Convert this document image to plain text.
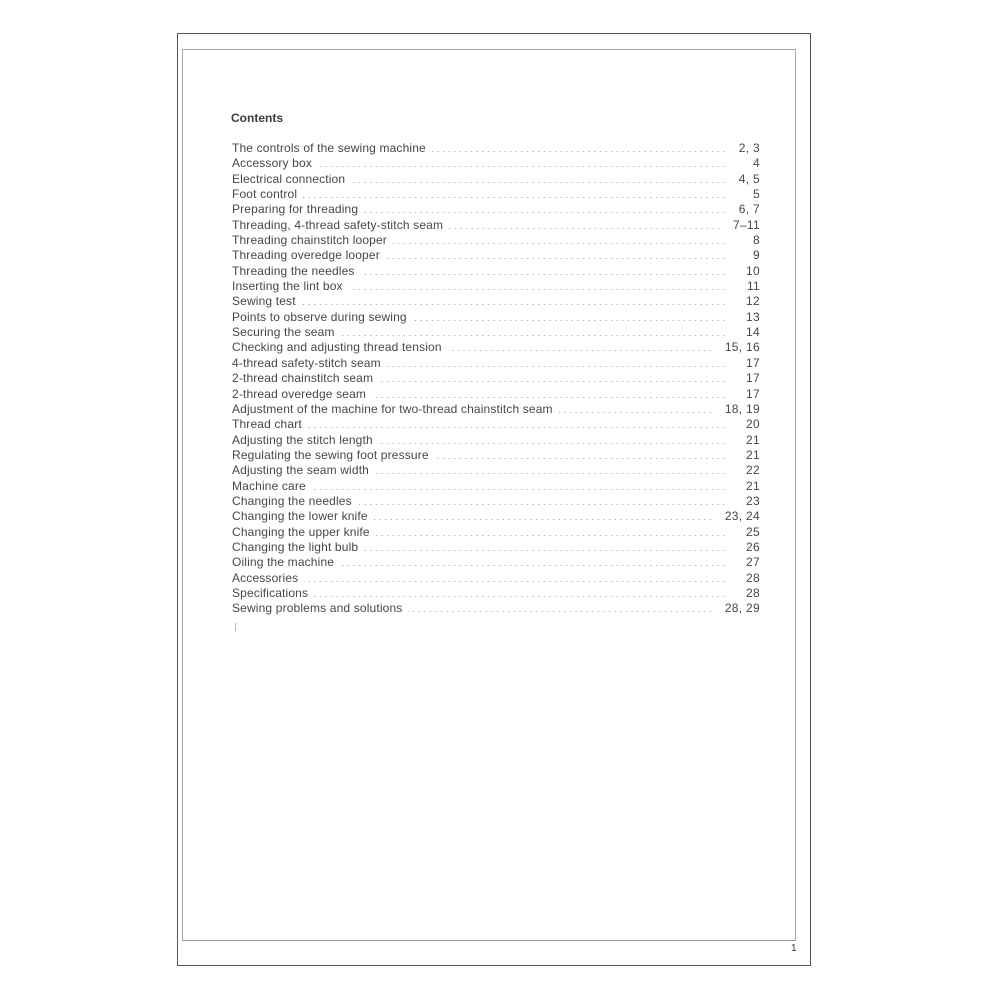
Contents
The controls of the sewing machine .....	2, 3
Accessory box .....	4
Electrical connection .....	4, 5
Foot control .....	5
Preparing for threading .....	6, 7
Threading, 4-thread safety-stitch seam .....	7–11
Threading chainstitch looper .....	8
Threading overedge looper .....	9
Threading the needles .....	10
Inserting the lint box .....	11
Sewing test .....	12
Points to observe during sewing .....	13
Securing the seam .....	14
Checking and adjusting thread tension .....	15, 16
4-thread safety-stitch seam .....	17
2-thread chainstitch seam .....	17
2-thread overedge seam .....	17
Adjustment of the machine for two-thread chainstitch seam .....	18, 19
Thread chart .....	20
Adjusting the stitch length .....	21
Regulating the sewing foot pressure .....	21
Adjusting the seam width .....	22
Machine care .....	21
Changing the needles .....	23
Changing the lower knife .....	23, 24
Changing the upper knife .....	25
Changing the light bulb .....	26
Oiling the machine .....	27
Accessories .....	28
Specifications .....	28
Sewing problems and solutions .....	28, 29
1
